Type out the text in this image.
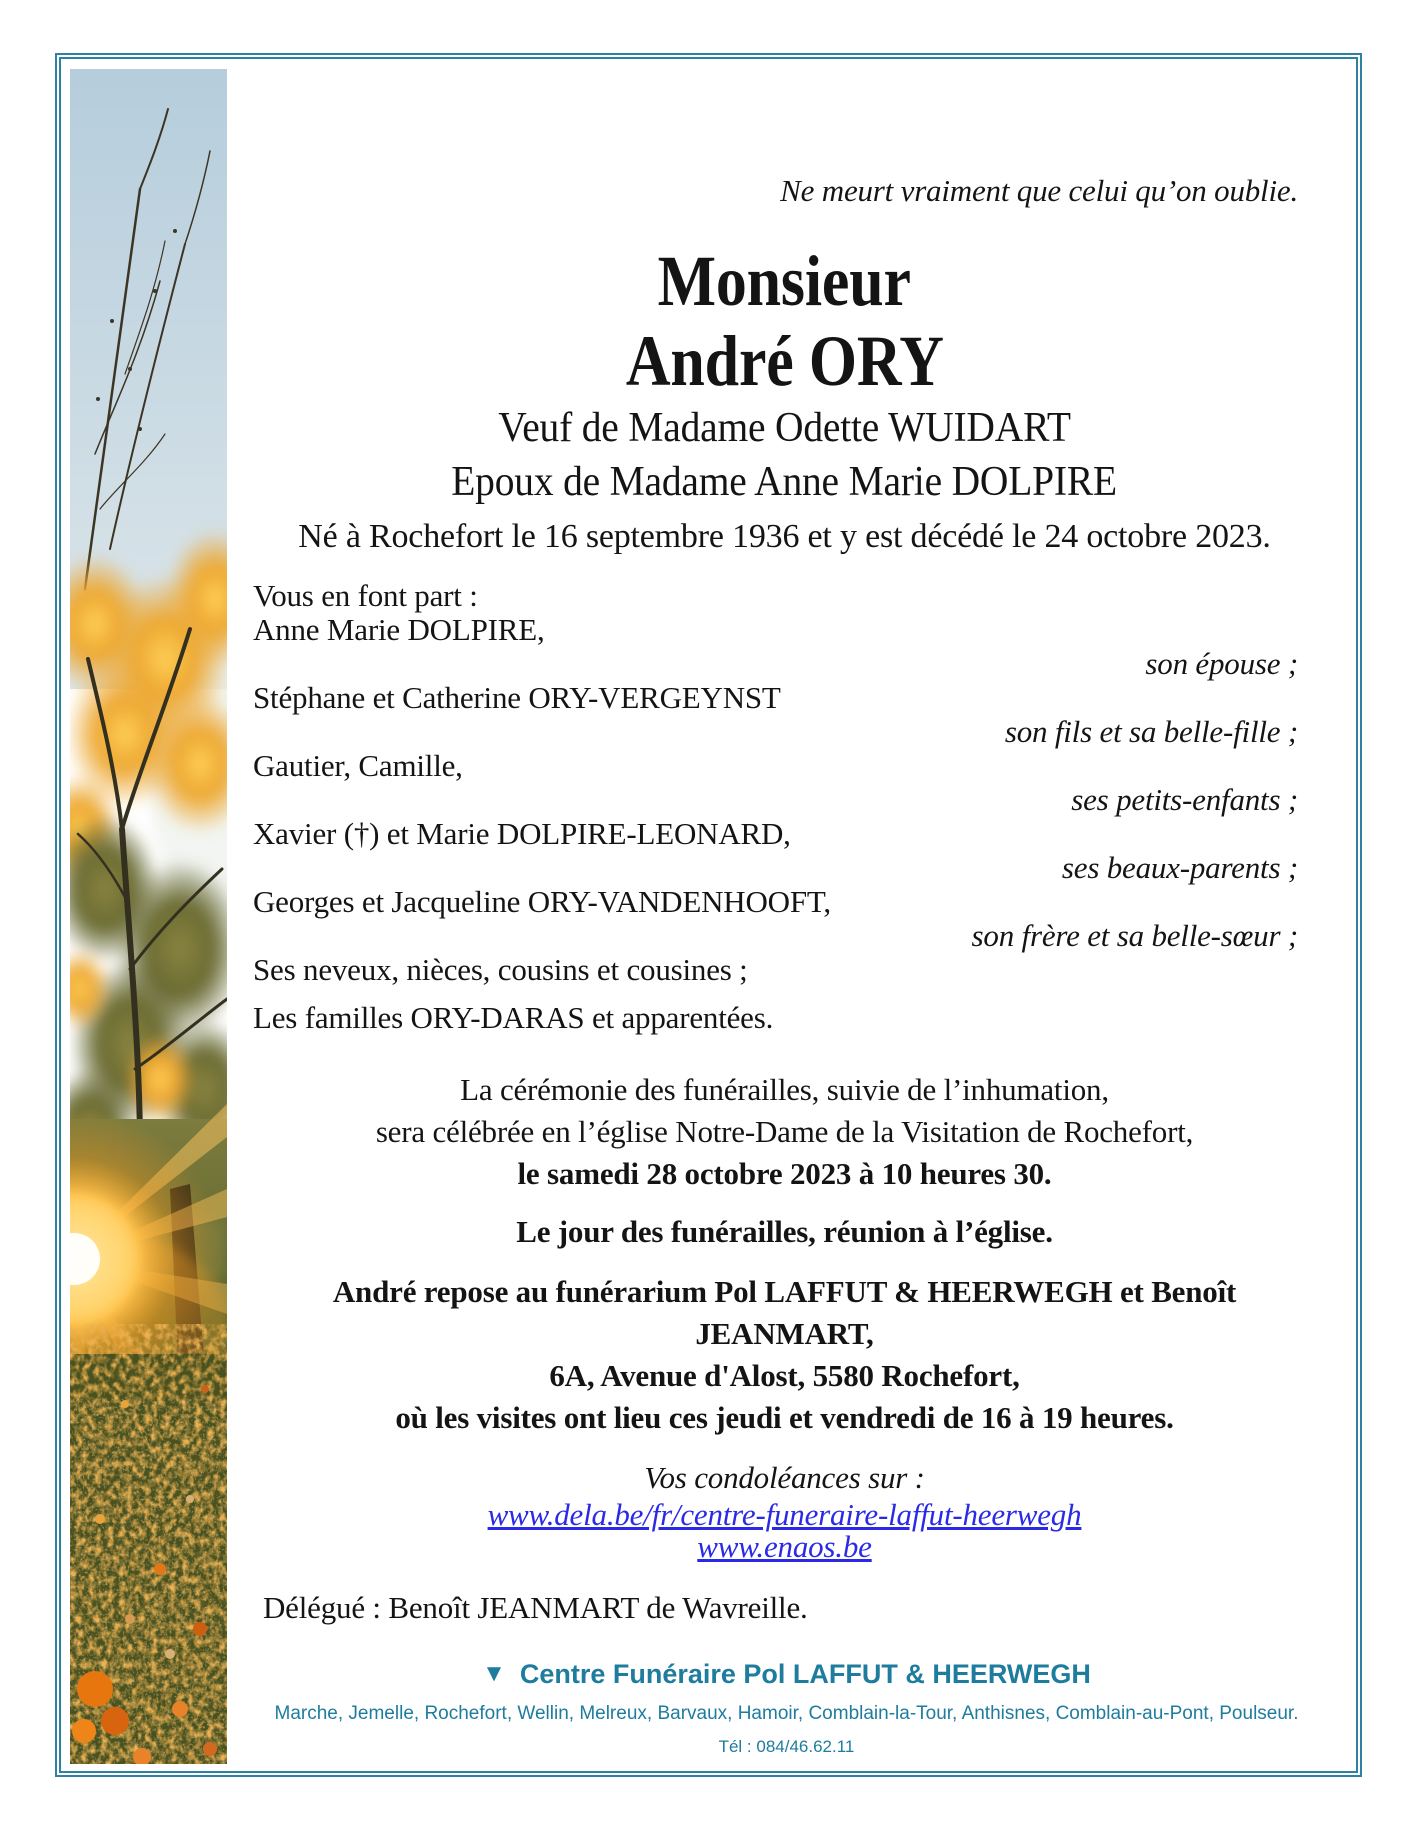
Ne meurt vraiment que celui qu’on oublie.
Monsieur
André ORY
Veuf de Madame Odette WUIDART
Epoux de Madame Anne Marie DOLPIRE
Né à Rochefort le 16 septembre 1936 et y est décédé le 24 octobre 2023.
Vous en font part :
Anne Marie DOLPIRE,
son épouse ;
Stéphane et Catherine ORY-VERGEYNST
son fils et sa belle-fille ;
Gautier, Camille,
ses petits-enfants ;
Xavier (†) et Marie DOLPIRE-LEONARD,
ses beaux-parents ;
Georges et Jacqueline ORY-VANDENHOOFT,
son frère et sa belle-sœur ;
Ses neveux, nièces, cousins et cousines ;
Les familles ORY-DARAS et apparentées.
La cérémonie des funérailles, suivie de l’inhumation,
sera célébrée en l’église Notre-Dame de la Visitation de Rochefort,
le samedi 28 octobre 2023 à 10 heures 30.
Le jour des funérailles, réunion à l’église.
André repose au funérarium Pol LAFFUT & HEERWEGH et Benoît JEANMART,
6A, Avenue d'Alost, 5580 Rochefort,
où les visites ont lieu ces jeudi et vendredi de 16 à 19 heures.
Vos condoléances sur :
www.dela.be/fr/centre-funeraire-laffut-heerwegh
www.enaos.be
Délégué : Benoît JEANMART de Wavreille.
▼ Centre Funéraire Pol LAFFUT & HEERWEGH
Marche, Jemelle, Rochefort, Wellin, Melreux, Barvaux, Hamoir, Comblain-la-Tour, Anthisnes, Comblain-au-Pont, Poulseur.
Tél : 084/46.62.11
